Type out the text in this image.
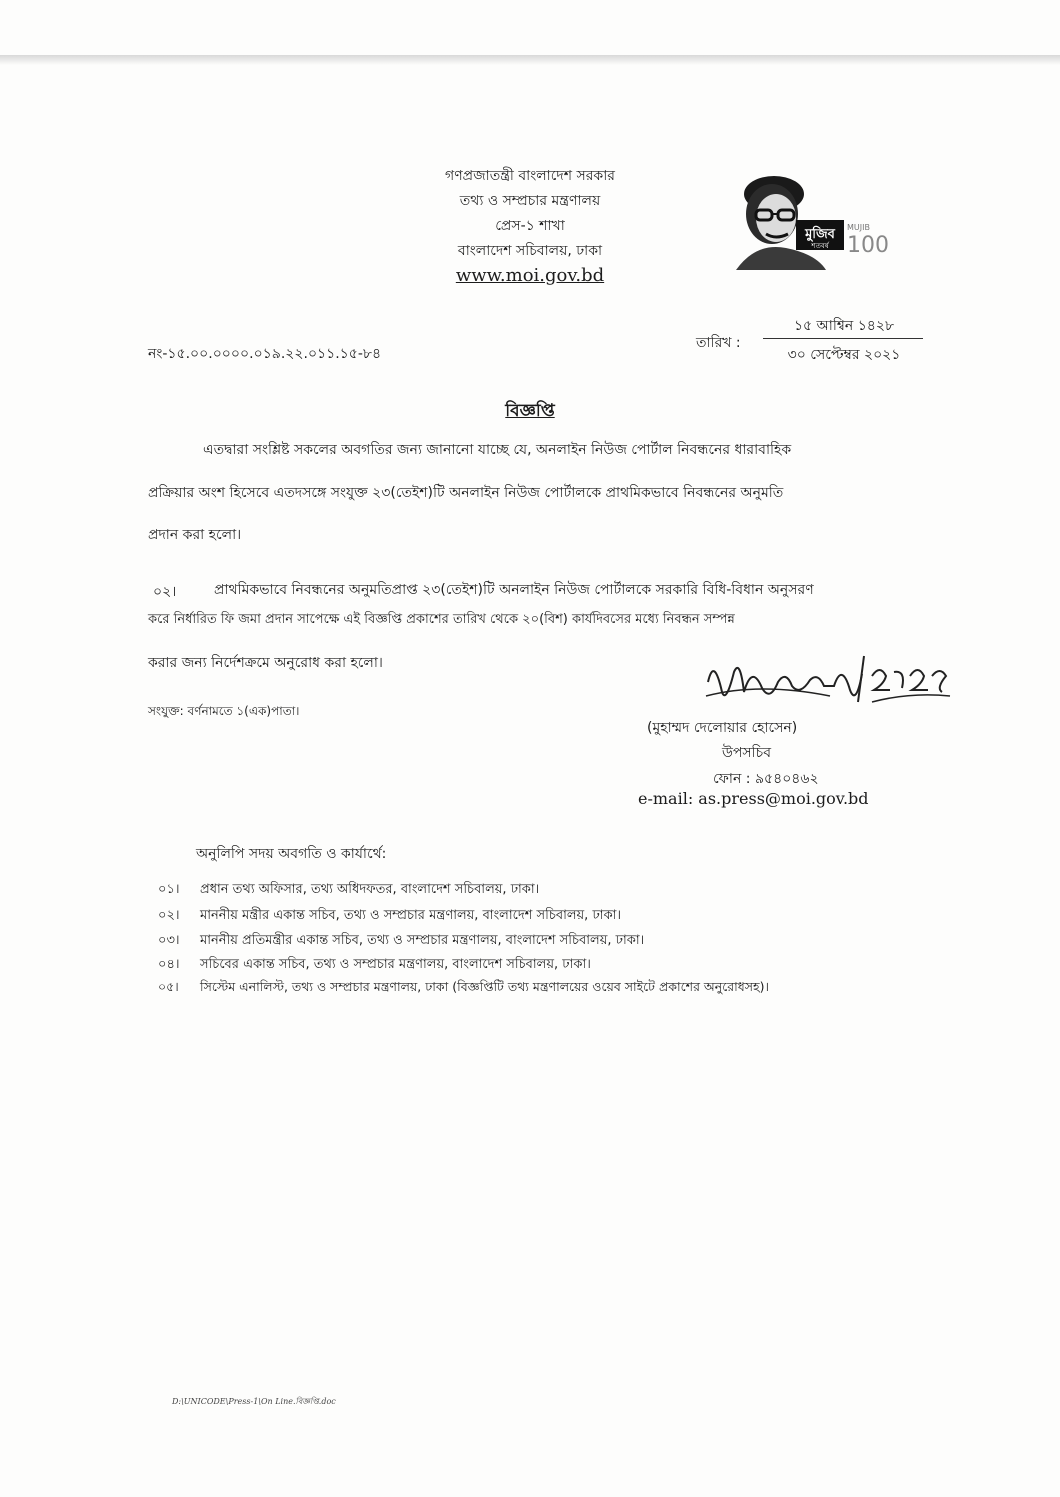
গণপ্রজাতন্ত্রী বাংলাদেশ সরকার
তথ্য ও সম্প্রচার মন্ত্রণালয়
প্রেস-১ শাখা
বাংলাদেশ সচিবালয়, ঢাকা
www.moi.gov.bd
মুজিব
শতবর্ষ
MUJIB
100
নং-১৫.০০.০০০০.০১৯.২২.০১১.১৫-৮৪
তারিখ :
১৫ আশ্বিন ১৪২৮
৩০ সেপ্টেম্বর ২০২১
বিজ্ঞপ্তি
এতদ্বারা সংশ্লিষ্ট সকলের অবগতির জন্য জানানো যাচ্ছে যে, অনলাইন নিউজ পোর্টাল নিবন্ধনের ধারাবাহিক
প্রক্রিয়ার অংশ হিসেবে এতদসঙ্গে সংযুক্ত ২৩(তেইশ)টি অনলাইন নিউজ পোর্টালকে প্রাথমিকভাবে নিবন্ধনের অনুমতি
প্রদান করা হলো।
০২।	প্রাথমিকভাবে নিবন্ধনের অনুমতিপ্রাপ্ত ২৩(তেইশ)টি অনলাইন নিউজ পোর্টালকে সরকারি বিধি-বিধান অনুসরণ
করে নির্ধারিত ফি জমা প্রদান সাপেক্ষে এই বিজ্ঞপ্তি প্রকাশের তারিখ থেকে ২০(বিশ) কার্যদিবসের মধ্যে নিবন্ধন সম্পন্ন
করার জন্য নির্দেশক্রমে অনুরোধ করা হলো।
সংযুক্ত: বর্ণনামতে ১(এক)পাতা।
(মুহাম্মদ দেলোয়ার হোসেন)
উপসচিব
ফোন : ৯৫৪০৪৬২
e-mail: as.press@moi.gov.bd
অনুলিপি সদয় অবগতি ও কার্যার্থে:
০১। প্রধান তথ্য অফিসার, তথ্য অধিদফতর, বাংলাদেশ সচিবালয়, ঢাকা।
০২। মাননীয় মন্ত্রীর একান্ত সচিব, তথ্য ও সম্প্রচার মন্ত্রণালয়, বাংলাদেশ সচিবালয়, ঢাকা।
০৩। মাননীয় প্রতিমন্ত্রীর একান্ত সচিব, তথ্য ও সম্প্রচার মন্ত্রণালয়, বাংলাদেশ সচিবালয়, ঢাকা।
০৪। সচিবের একান্ত সচিব, তথ্য ও সম্প্রচার মন্ত্রণালয়, বাংলাদেশ সচিবালয়, ঢাকা।
০৫। সিস্টেম এনালিস্ট, তথ্য ও সম্প্রচার মন্ত্রণালয়, ঢাকা (বিজ্ঞপ্তিটি তথ্য মন্ত্রণালয়ের ওয়েব সাইটে প্রকাশের অনুরোধসহ)।
D:\UNICODE\Press-1\On Line.বিজ্ঞপ্তি.doc
